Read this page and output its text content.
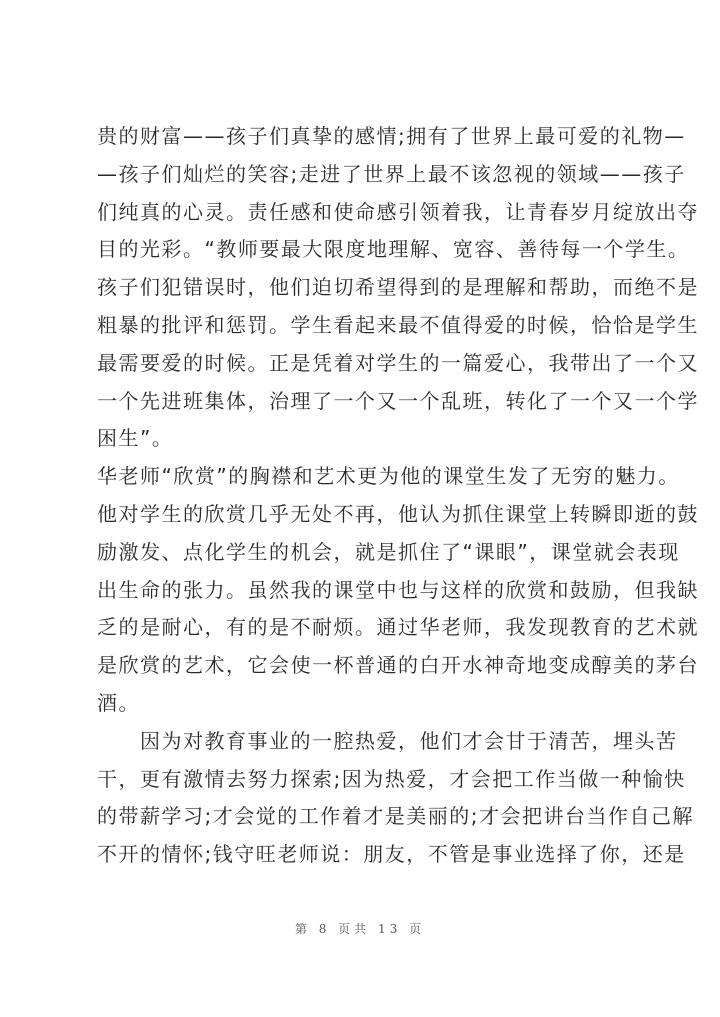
贵的财富——孩子们真挚的感情;拥有了世界上最可爱的礼物—
—孩子们灿烂的笑容;走进了世界上最不该忽视的领域——孩子
们纯真的心灵。责任感和使命感引领着我，让青春岁月绽放出夺
目的光彩。“教师要最大限度地理解、宽容、善待每一个学生。
孩子们犯错误时，他们迫切希望得到的是理解和帮助，而绝不是
粗暴的批评和惩罚。学生看起来最不值得爱的时候，恰恰是学生
最需要爱的时候。正是凭着对学生的一篇爱心，我带出了一个又
一个先进班集体，治理了一个又一个乱班，转化了一个又一个学
困生”。
华老师“欣赏”的胸襟和艺术更为他的课堂生发了无穷的魅力。
他对学生的欣赏几乎无处不再，他认为抓住课堂上转瞬即逝的鼓
励激发、点化学生的机会，就是抓住了“课眼”，课堂就会表现
出生命的张力。虽然我的课堂中也与这样的欣赏和鼓励，但我缺
乏的是耐心，有的是不耐烦。通过华老师，我发现教育的艺术就
是欣赏的艺术，它会使一杯普通的白开水神奇地变成醇美的茅台
酒。
　　因为对教育事业的一腔热爱，他们才会甘于清苦，埋头苦
干，更有激情去努力探索;因为热爱，才会把工作当做一种愉快
的带薪学习;才会觉的工作着才是美丽的;才会把讲台当作自己解
不开的情怀;钱守旺老师说：朋友，不管是事业选择了你，还是
第 8 页共 13 页
